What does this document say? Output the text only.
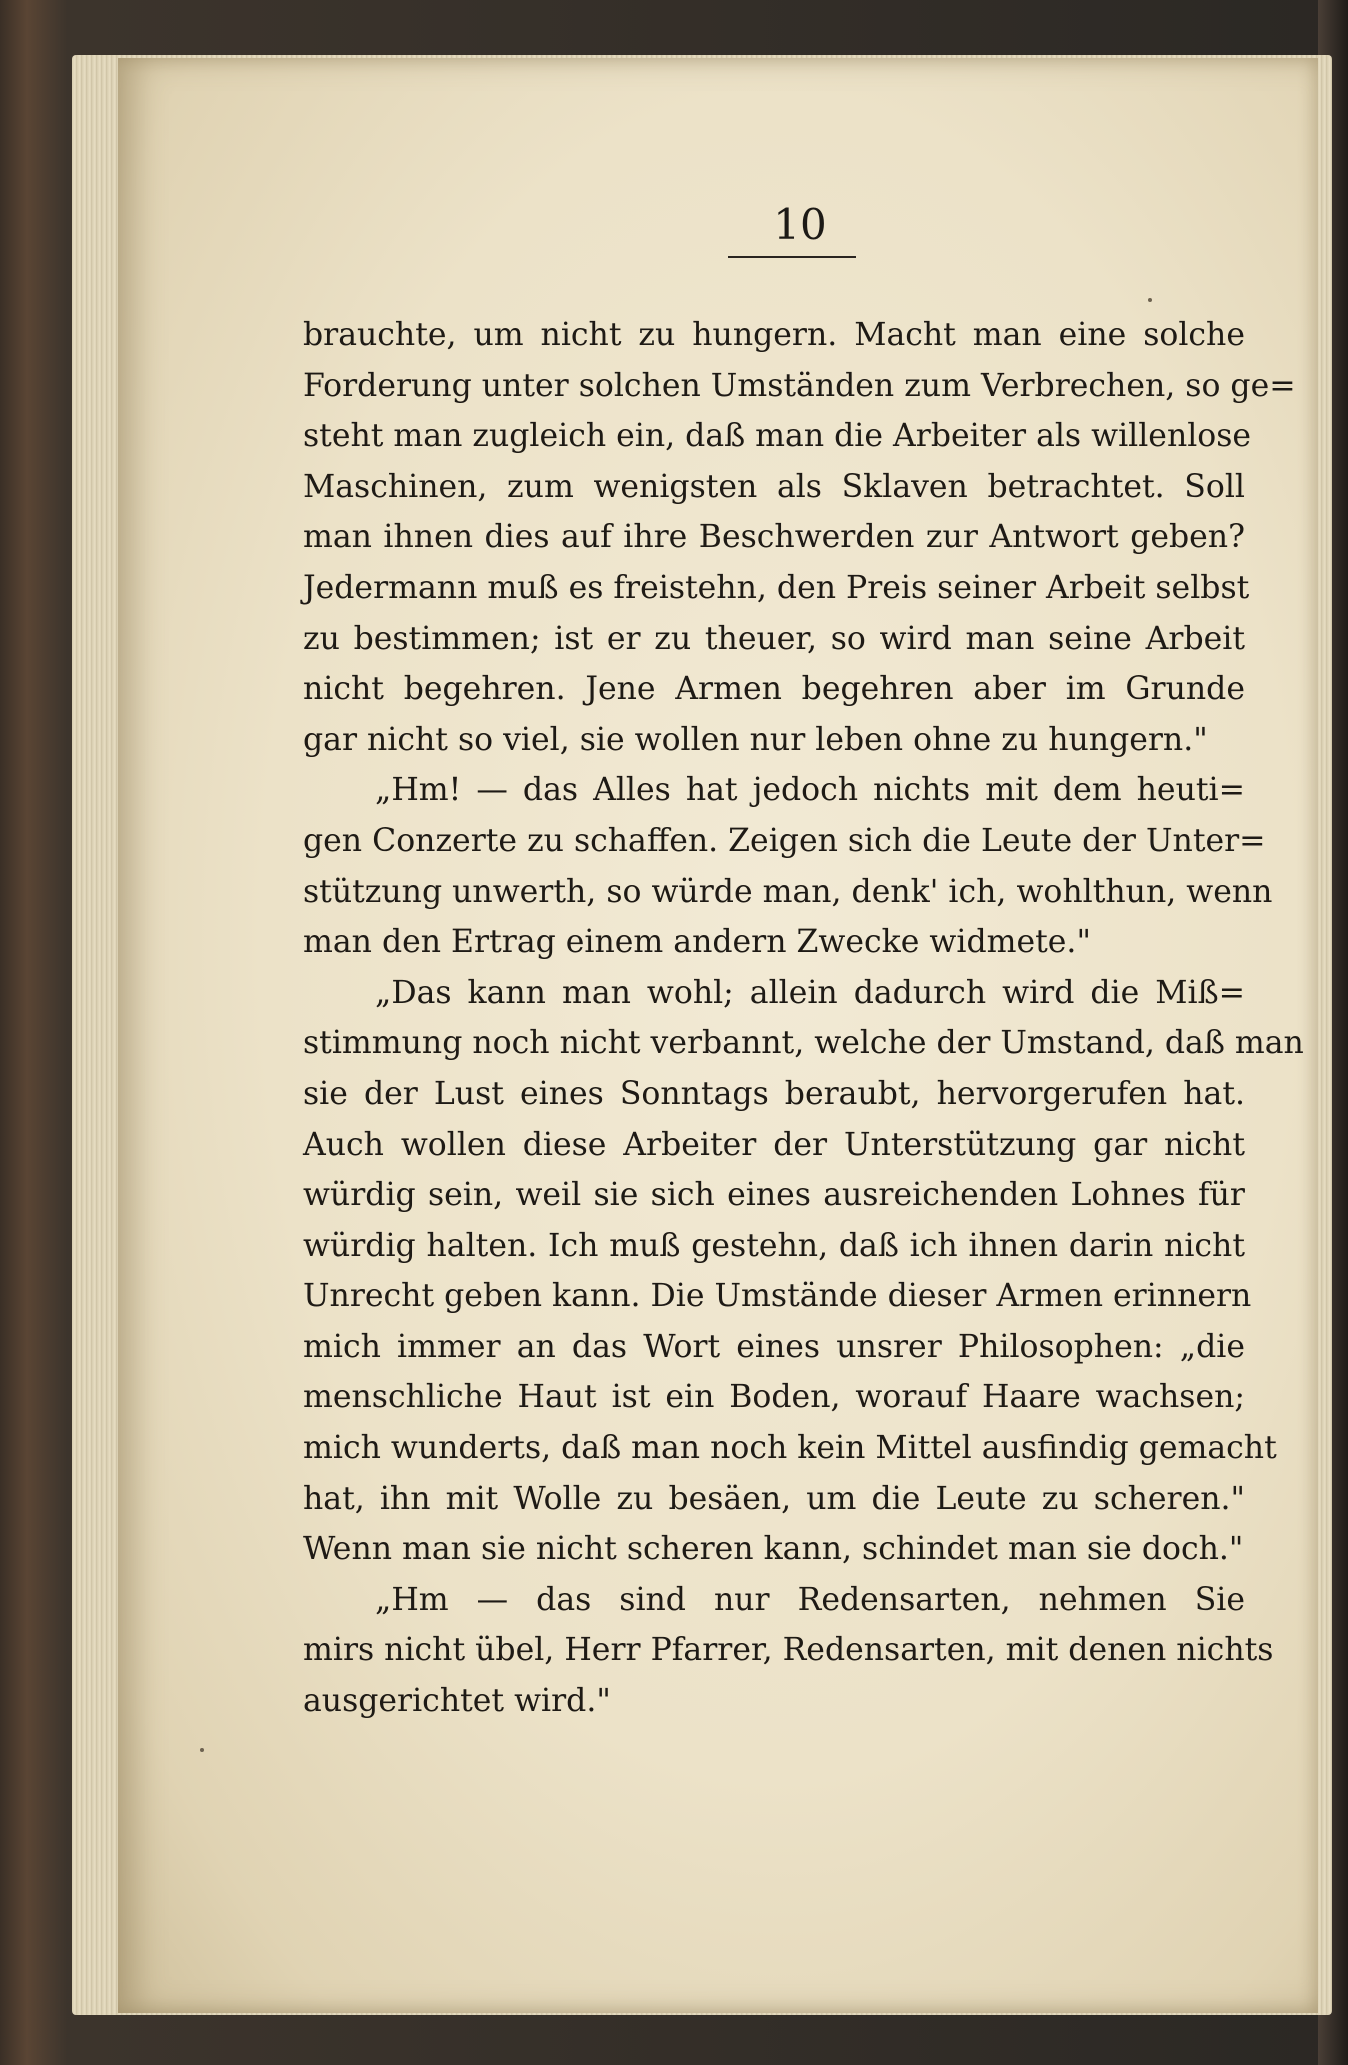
10
brauchte, um nicht zu hungern. Macht man eine solche
Forderung unter solchen Umständen zum Verbrechen, so ge=
steht man zugleich ein, daß man die Arbeiter als willenlose
Maschinen, zum wenigsten als Sklaven betrachtet. Soll
man ihnen dies auf ihre Beschwerden zur Antwort geben?
Jedermann muß es freistehn, den Preis seiner Arbeit selbst
zu bestimmen; ist er zu theuer, so wird man seine Arbeit
nicht begehren. Jene Armen begehren aber im Grunde
gar nicht so viel, sie wollen nur leben ohne zu hungern."
„Hm! — das Alles hat jedoch nichts mit dem heuti=
gen Conzerte zu schaffen. Zeigen sich die Leute der Unter=
stützung unwerth, so würde man, denk' ich, wohlthun, wenn
man den Ertrag einem andern Zwecke widmete."
„Das kann man wohl; allein dadurch wird die Miß=
stimmung noch nicht verbannt, welche der Umstand, daß man
sie der Lust eines Sonntags beraubt, hervorgerufen hat.
Auch wollen diese Arbeiter der Unterstützung gar nicht
würdig sein, weil sie sich eines ausreichenden Lohnes für
würdig halten. Ich muß gestehn, daß ich ihnen darin nicht
Unrecht geben kann. Die Umstände dieser Armen erinnern
mich immer an das Wort eines unsrer Philosophen: „die
menschliche Haut ist ein Boden, worauf Haare wachsen;
mich wunderts, daß man noch kein Mittel ausfindig gemacht
hat, ihn mit Wolle zu besäen, um die Leute zu scheren."
Wenn man sie nicht scheren kann, schindet man sie doch."
„Hm — das sind nur Redensarten, nehmen Sie
mirs nicht übel, Herr Pfarrer, Redensarten, mit denen nichts
ausgerichtet wird."
